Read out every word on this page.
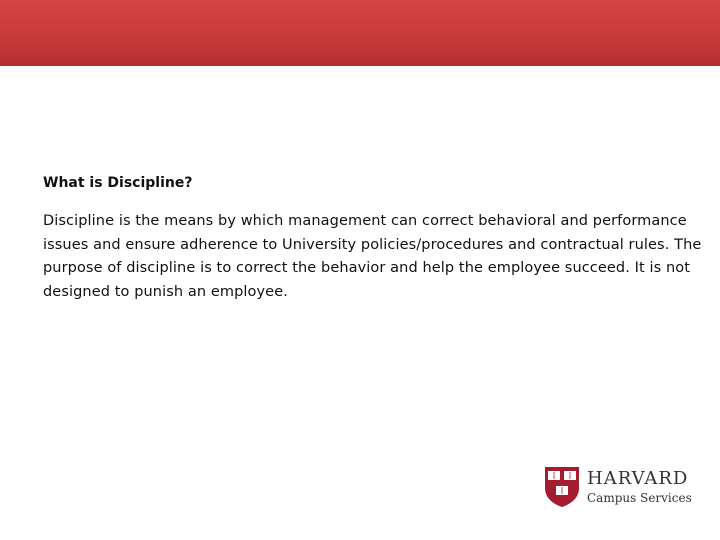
What is Discipline?

Discipline is the means by which management can correct behavioral and performance issues and ensure adherence to University policies/procedures and contractual rules. The purpose of discipline is to correct the behavior and help the employee succeed. It is not designed to punish an employee.

HARVARD
Campus Services
